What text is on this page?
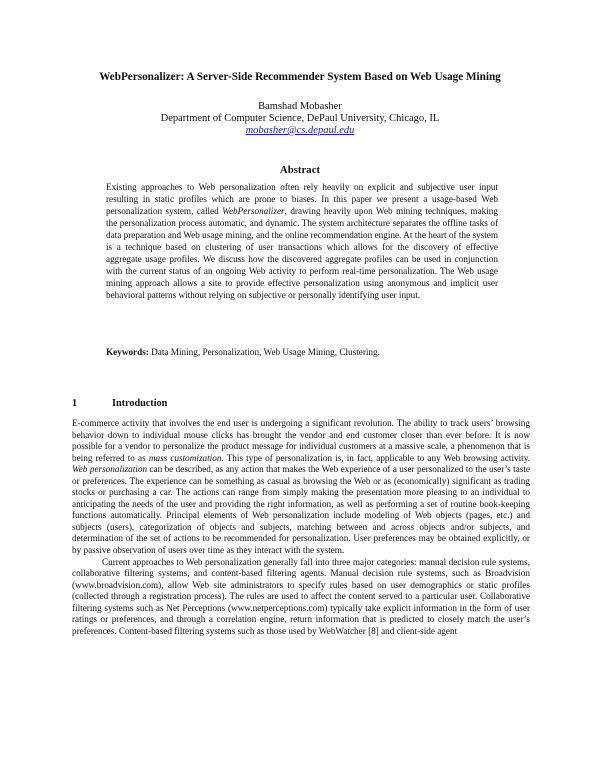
WebPersonalizer: A Server-Side Recommender System Based on Web Usage Mining
Bamshad Mobasher
Department of Computer Science, DePaul University, Chicago, IL
mobasher@cs.depaul.edu
Abstract
Existing approaches to Web personalization often rely heavily on explicit and subjective user input resulting in static profiles which are prone to biases. In this paper we present a usage-based Web personalization system, called WebPersonalizer, drawing heavily upon Web mining techniques, making the personalization process automatic, and dynamic. The system architecture separates the offline tasks of data preparation and Web usage mining, and the online recommendation engine. At the heart of the system is a technique based on clustering of user transactions which allows for the discovery of effective aggregate usage profiles. We discuss how the discovered aggregate profiles can be used in conjunction with the current status of an ongoing Web activity to perform real-time personalization. The Web usage mining approach allows a site to provide effective personalization using anonymous and implicit user behavioral patterns without relying on subjective or personally identifying user input.
Keywords: Data Mining, Personalization, Web Usage Mining, Clustering.
1	Introduction

E-commerce activity that involves the end user is undergoing a significant revolution. The ability to track users’ browsing behavior down to individual mouse clicks has brought the vendor and end customer closer than ever before. It is now possible for a vendor to personalize the product message for individual customers at a massive scale, a phenomenon that is being referred to as mass customization. This type of personalization is, in fact, applicable to any Web browsing activity. Web personalization can be described, as any action that makes the Web experience of a user personalized to the user’s taste or preferences. The experience can be something as casual as browsing the Web or as (economically) significant as trading stocks or purchasing a car. The actions can range from simply making the presentation more pleasing to an individual to anticipating the needs of the user and providing the right information, as well as performing a set of routine book-keeping functions automatically. Principal elements of Web personalization include modeling of Web objects (pages, etc.) and subjects (users), categorization of objects and subjects, matching between and across objects and/or subjects, and determination of the set of actions to be recommended for personalization. User preferences may be obtained explicitly, or by passive observation of users over time as they interact with the system.

Current approaches to Web personalization generally fall into three major categories: manual decision rule systems, collaborative filtering systems, and content-based filtering agents. Manual decision rule systems, such as Broadvision (www.broadvision.com), allow Web site administrators to specify rules based on user demographics or static profiles (collected through a registration process). The rules are used to affect the content served to a particular user. Collaborative filtering systems such as Net Perceptions (www.netperceptions.com) typically take explicit information in the form of user ratings or preferences, and through a correlation engine, return information that is predicted to closely match the user’s preferences. Content-based filtering systems such as those used by WebWatcher [8] and client-side agent
